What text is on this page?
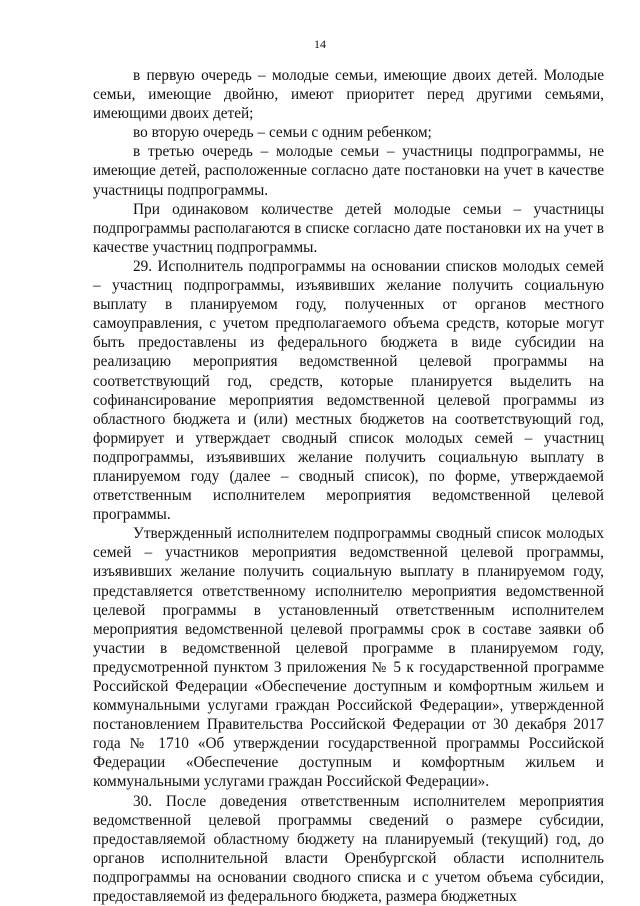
14

в первую очередь – молодые семьи, имеющие двоих детей. Молодые семьи, имеющие двойню, имеют приоритет перед другими семьями, имеющими двоих детей;

во вторую очередь – семьи с одним ребенком;

в третью очередь – молодые семьи – участницы подпрограммы, не имеющие детей, расположенные согласно дате постановки на учет в качестве участницы подпрограммы.

При одинаковом количестве детей молодые семьи – участницы подпрограммы располагаются в списке согласно дате постановки их на учет в качестве участниц подпрограммы.

29. Исполнитель подпрограммы на основании списков молодых семей – участниц подпрограммы, изъявивших желание получить социальную выплату в планируемом году, полученных от органов местного самоуправления, с учетом предполагаемого объема средств, которые могут быть предоставлены из федерального бюджета в виде субсидии на реализацию мероприятия ведомственной целевой программы на соответствующий год, средств, которые планируется выделить на софинансирование мероприятия ведомственной целевой программы из областного бюджета и (или) местных бюджетов на соответствующий год, формирует и утверждает сводный список молодых семей – участниц подпрограммы, изъявивших желание получить социальную выплату в планируемом году (далее – сводный список), по форме, утверждаемой ответственным исполнителем мероприятия ведомственной целевой программы.

Утвержденный исполнителем подпрограммы сводный список молодых семей – участников мероприятия ведомственной целевой программы, изъявивших желание получить социальную выплату в планируемом году, представляется ответственному исполнителю мероприятия ведомственной целевой программы в установленный ответственным исполнителем мероприятия ведомственной целевой программы срок в составе заявки об участии в ведомственной целевой программе в планируемом году, предусмотренной пунктом 3 приложения № 5 к государственной программе Российской Федерации «Обеспечение доступным и комфортным жильем и коммунальными услугами граждан Российской Федерации», утвержденной постановлением Правительства Российской Федерации от 30 декабря 2017 года № 1710 «Об утверждении государственной программы Российской Федерации «Обеспечение доступным и комфортным жильем и коммунальными услугами граждан Российской Федерации».

30. После доведения ответственным исполнителем мероприятия ведомственной целевой программы сведений о размере субсидии, предоставляемой областному бюджету на планируемый (текущий) год, до органов исполнительной власти Оренбургской области исполнитель подпрограммы на основании сводного списка и с учетом объема субсидии, предоставляемой из федерального бюджета, размера бюджетных
